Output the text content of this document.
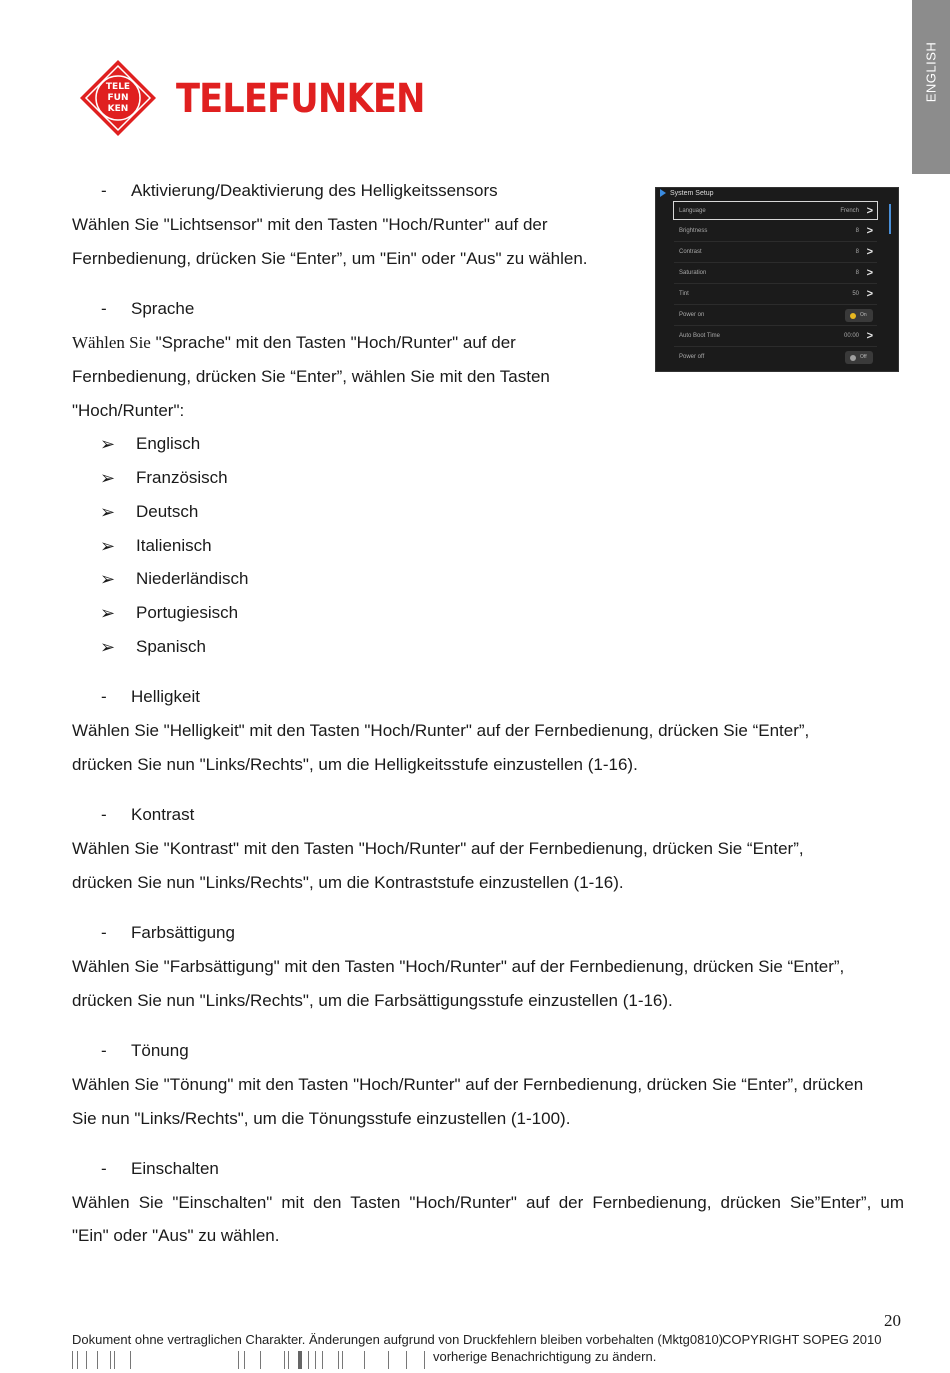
ENGLISH
TELE
FUN
KEN TELEFUNKEN
- Aktivierung/Deaktivierung des Helligkeitssensors
Wählen Sie "Lichtsensor" mit den Tasten "Hoch/Runter" auf der
Fernbedienung, drücken Sie “Enter”, um "Ein" oder "Aus" zu wählen.
- Sprache
Wählen Sie "Sprache" mit den Tasten "Hoch/Runter" auf der
Fernbedienung, drücken Sie “Enter”, wählen Sie mit den Tasten
"Hoch/Runter":
➢ Englisch
➢ Französisch
➢ Deutsch
➢ Italienisch
➢ Niederländisch
➢ Portugiesisch
➢ Spanisch
System Setup
Language	French >
Brightness	8 >
Contrast	8 >
Saturation	8 >
Tint	50 >
Power on	On
Auto Boot Time	00:00 >
Power off	Off
- Helligkeit
Wählen Sie "Helligkeit" mit den Tasten "Hoch/Runter" auf der Fernbedienung, drücken Sie “Enter”,
drücken Sie nun "Links/Rechts", um die Helligkeitsstufe einzustellen (1-16).
- Kontrast
Wählen Sie "Kontrast" mit den Tasten "Hoch/Runter" auf der Fernbedienung, drücken Sie “Enter”,
drücken Sie nun "Links/Rechts", um die Kontraststufe einzustellen (1-16).
- Farbsättigung
Wählen Sie "Farbsättigung" mit den Tasten "Hoch/Runter" auf der Fernbedienung, drücken Sie “Enter”,
drücken Sie nun "Links/Rechts", um die Farbsättigungsstufe einzustellen (1-16).
- Tönung
Wählen Sie "Tönung" mit den Tasten "Hoch/Runter" auf der Fernbedienung, drücken Sie “Enter”, drücken
Sie nun "Links/Rechts", um die Tönungsstufe einzustellen (1-100).
- Einschalten
Wählen Sie "Einschalten" mit den Tasten "Hoch/Runter" auf der Fernbedienung, drücken Sie”Enter”, um
"Ein" oder "Aus" zu wählen.
20
Dokument ohne vertraglichen Charakter. Änderungen aufgrund von Druckfehlern bleiben vorbehalten (Mktg0810)
COPYRIGHT SOPEG 2010
vorherige Benachrichtigung zu ändern.
